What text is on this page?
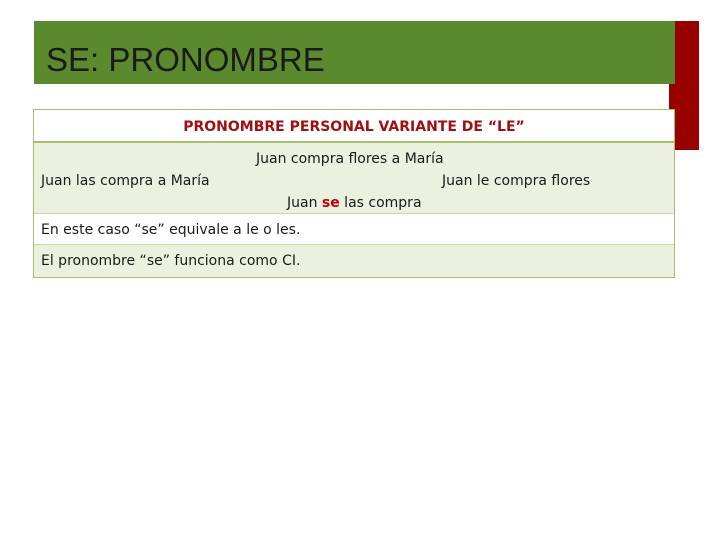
SE: PRONOMBRE
PRONOMBRE PERSONAL VARIANTE DE “LE”
Juan compra flores a María
Juan las compra a María	Juan le compra flores
Juan se las compra
En este caso “se” equivale a le o les.
El pronombre “se” funciona como CI.
